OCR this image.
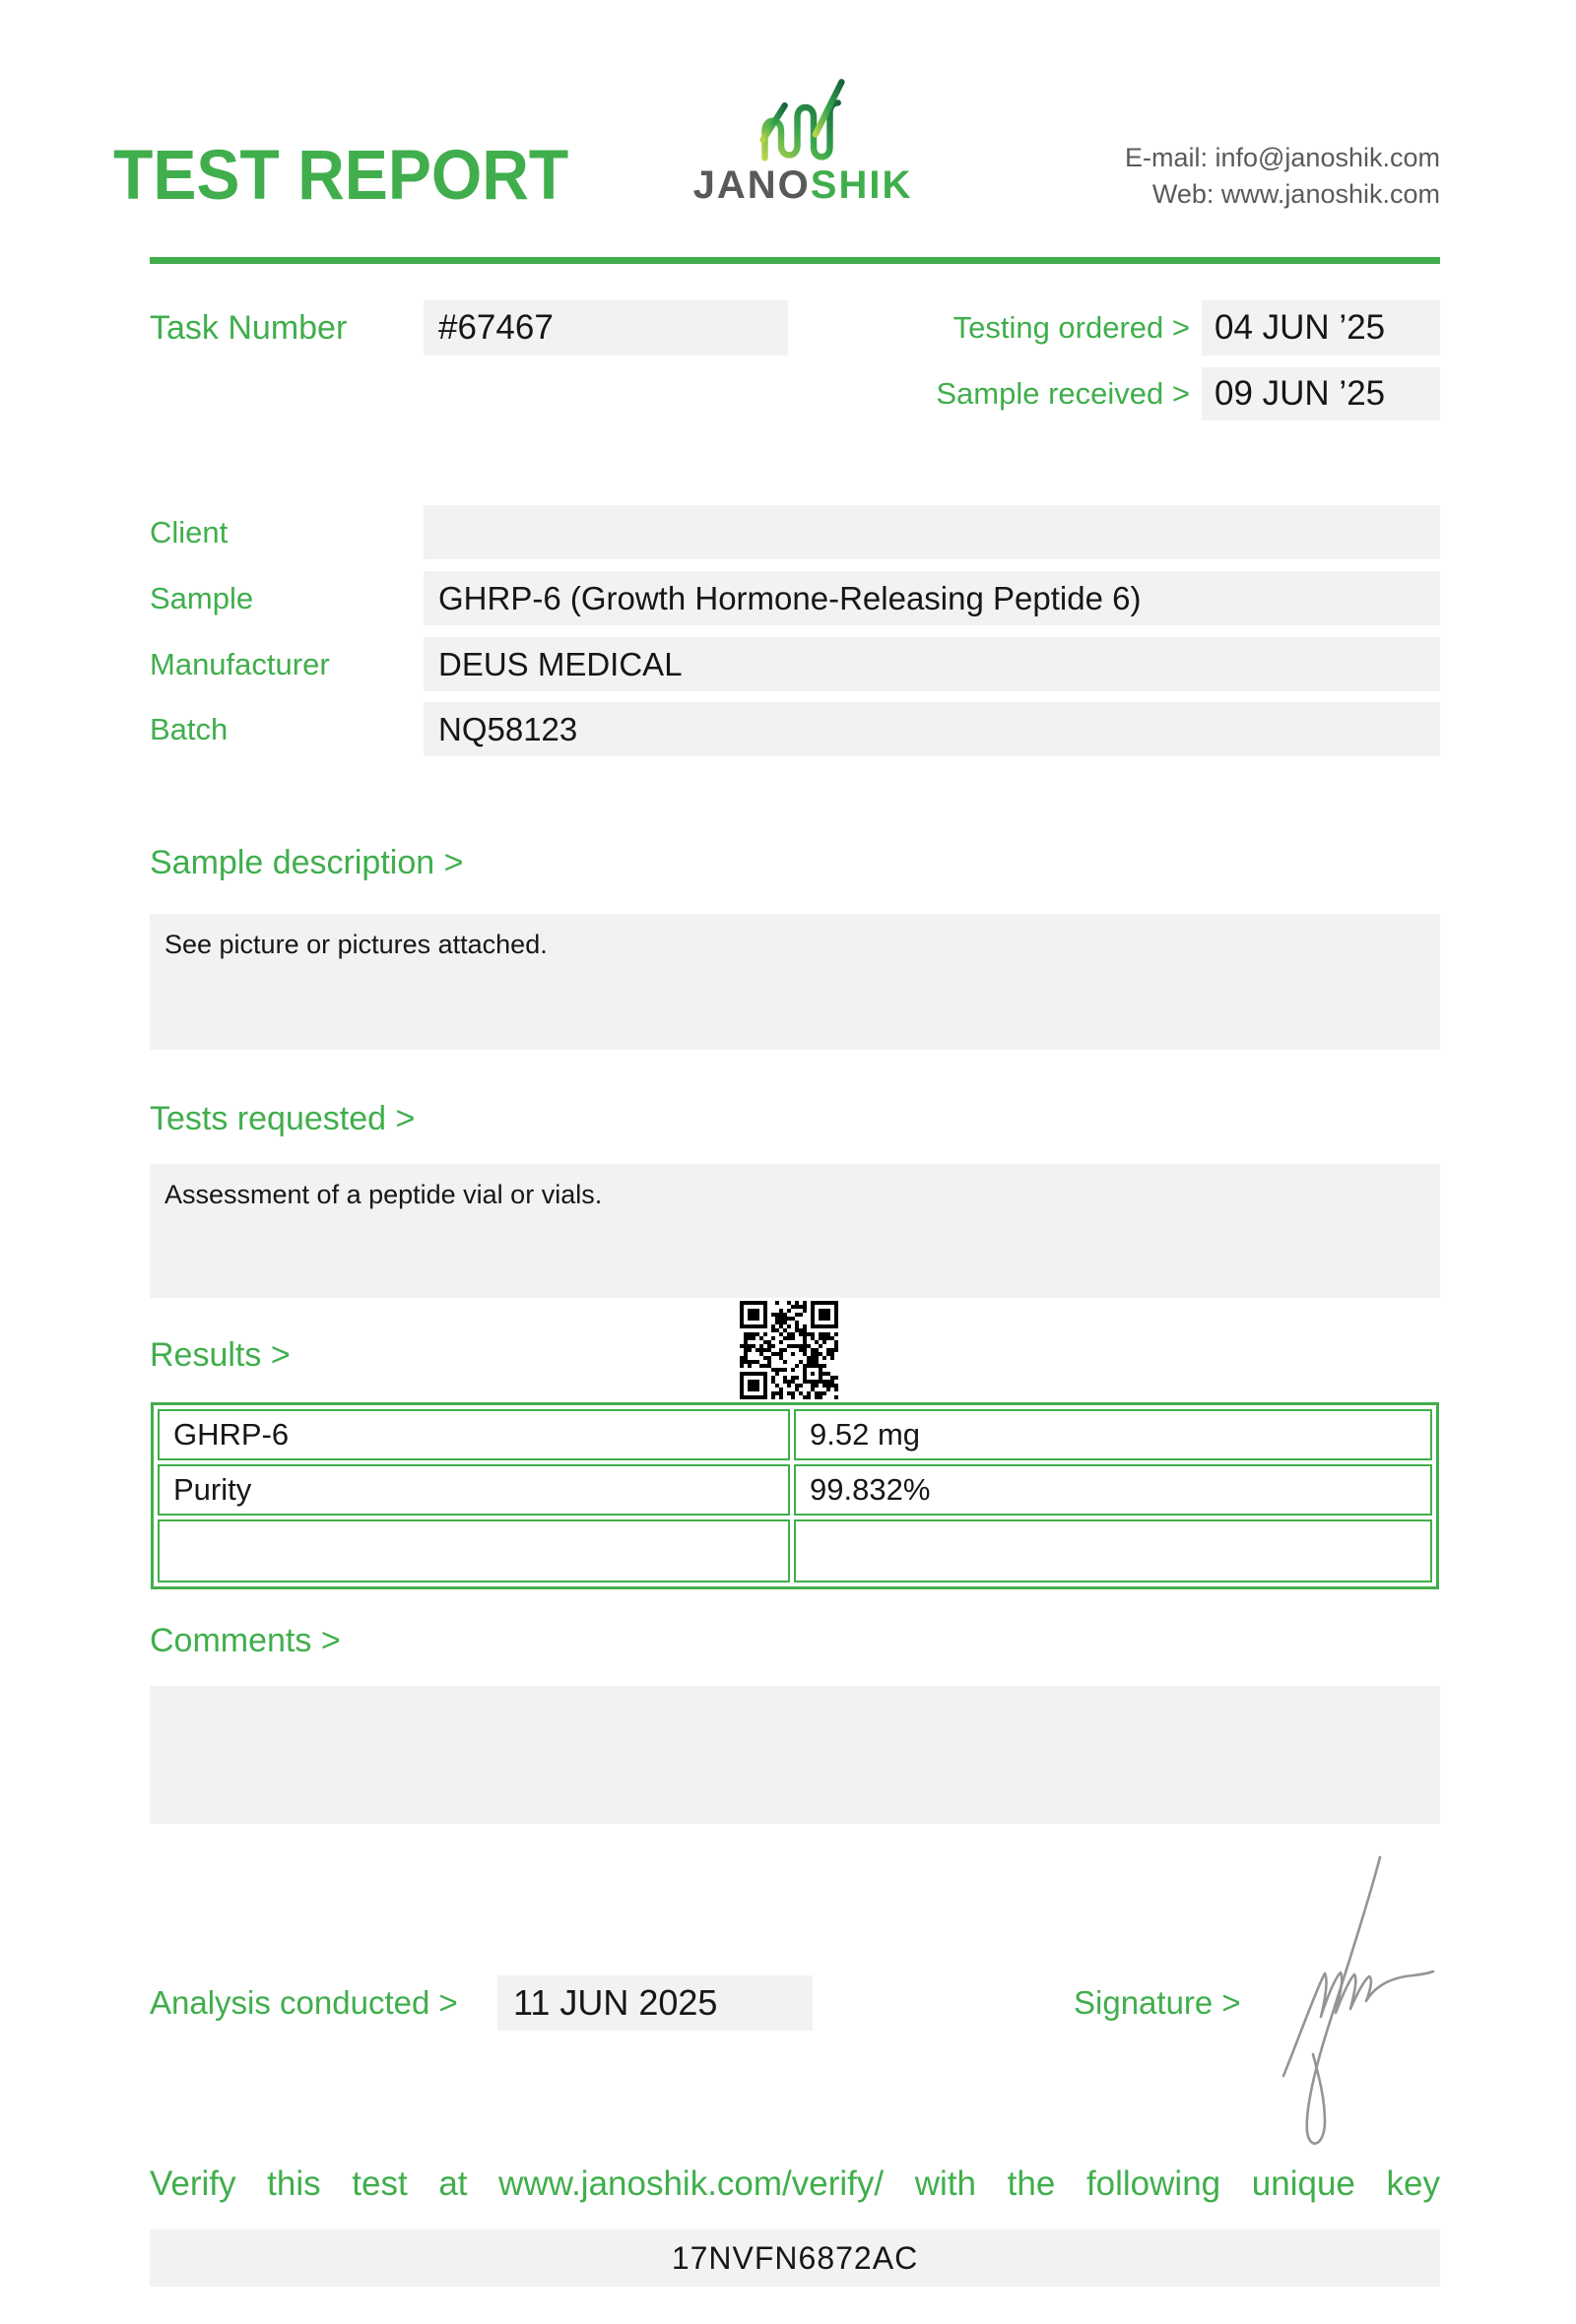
TEST REPORT	JANOSHIK
E-mail: info@janoshik.com
Web: www.janoshik.com
Task Number	#67467	Testing ordered > 04 JUN ’25
Sample received > 09 JUN ’25
Client
Sample	GHRP-6 (Growth Hormone-Releasing Peptide 6)
Manufacturer	DEUS MEDICAL
Batch	NQ58123
Sample description >
See picture or pictures attached.
Tests requested >
Assessment of a peptide vial or vials.
Results >
GHRP-6	9.52 mg
Purity	99.832%

Comments >
Analysis conducted >	11 JUN 2025	Signature >
Verify this test at www.janoshik.com/verify/ with the following unique key
17NVFN6872AC
